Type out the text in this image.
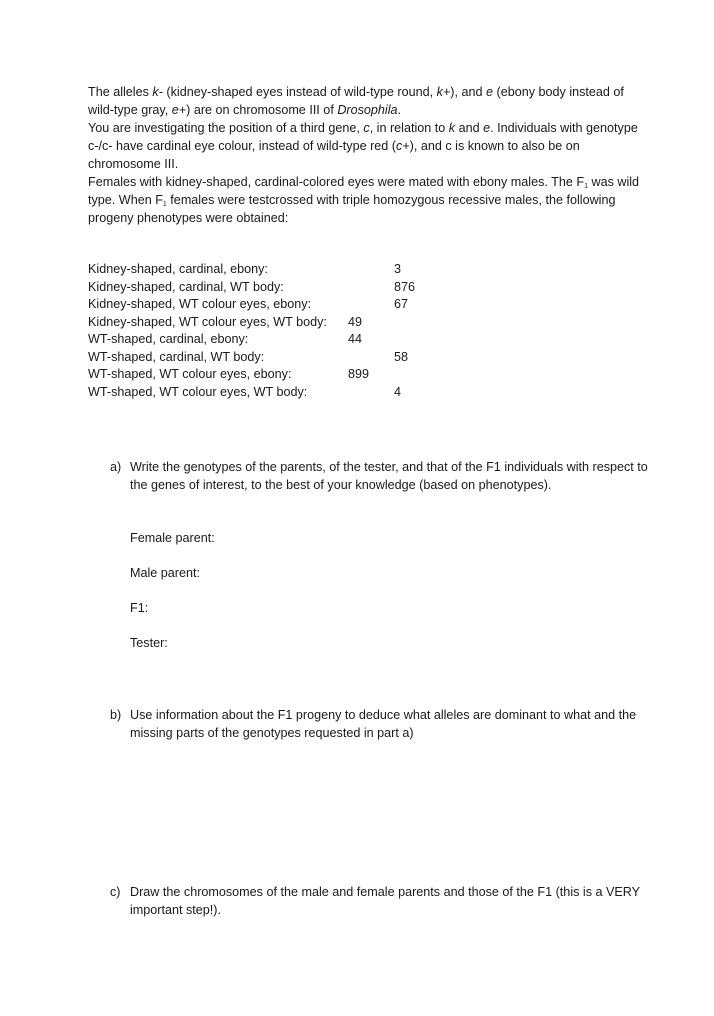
The alleles k- (kidney-shaped eyes instead of wild-type round, k+), and e (ebony body instead of wild-type gray, e+) are on chromosome III of Drosophila.

You are investigating the position of a third gene, c, in relation to k and e. Individuals with genotype c-/c- have cardinal eye colour, instead of wild-type red (c+), and c is known to also be on chromosome III.

Females with kidney-shaped, cardinal-colored eyes were mated with ebony males. The $F_1$ was wild type. When $F_1$ females were testcrossed with triple homozygous recessive males, the following progeny phenotypes were obtained:

Kidney-shaped, cardinal, ebony:	3
Kidney-shaped, cardinal, WT body:	876
Kidney-shaped, WT colour eyes, ebony:	67
Kidney-shaped, WT colour eyes, WT body: 49
WT-shaped, cardinal, ebony:	44
WT-shaped, cardinal, WT body:	58
WT-shaped, WT colour eyes, ebony:	899
WT-shaped, WT colour eyes, WT body:	4
a) Write the genotypes of the parents, of the tester, and that of the F1 individuals with respect to the genes of interest, to the best of your knowledge (based on phenotypes).
Female parent:
Male parent:
F1:
Tester:
b) Use information about the F1 progeny to deduce what alleles are dominant to what and the missing parts of the genotypes requested in part a)
c) Draw the chromosomes of the male and female parents and those of the F1 (this is a VERY important step!).
